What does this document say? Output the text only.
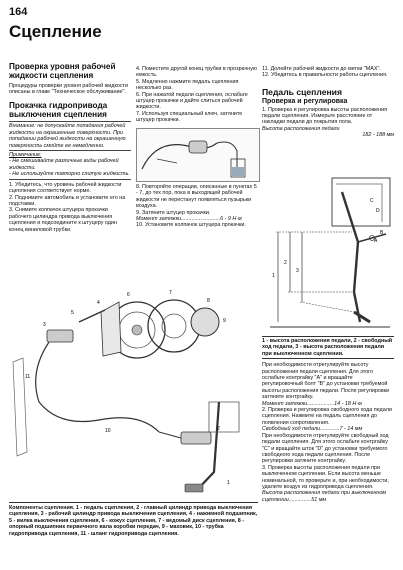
164
Сцепление
Проверка уровня рабочей жидкости сцепления
Процедуры проверки уровня рабочей жидкости описаны в главе "Техническое обслуживание".
Прокачка гидропривода выключения сцепления
Внимание: не допускайте попадания рабочей жидкости на окрашенные поверхности. При попадании рабочей жидкости на окрашенную поверхность смойте ее немедленно.
Примечание:
- Не смешивайте различные виды рабочей жидкости.
- Не используйте повторно слитую жидкость.
1. Убедитесь, что уровень рабочей жидкости сцепления соответствует норме.
2. Поднимите автомобиль и установите его на подставки.
3. Снимите колпачок штуцера прокачки рабочего цилиндра привода выключения сцепления и подсоедините к штуцеру один конец виниловой трубки.
4. Поместите другой конец трубки в прозрачную емкость.
5. Медленно нажмите педаль сцепления несколько раз.
6. При нажатой педали сцепления, ослабьте штуцер прокачки и дайте слиться рабочей жидкости.
7. Используя специальный ключ, затяните штуцер прокачки.
8. Повторяйте операции, описанные в пунктах 5 - 7, до тех пор, пока в выходящей рабочей жидкости не перестанут появляться пузырьки воздуха.
9. Затяните штуцер прокачки.
Момент затяжки..........................6 - 9 Н·м
10. Установите колпачок штуцера прокачки.
11. Долейте рабочей жидкости до метки "MAX".
12. Убедитесь в правильности работы сцепления.
Педаль сцепления
Проверка и регулировка
1. Проверка и регулировка высоты расположения педали сцепления. Измерьте расстояние от накладки педали до покрытия пола.
Высота расположения педали
182 - 188 мм
1
2
3
A
B
C
D
1 - высота расположения педали, 2 - свободный ход педали, 3 - высота расположения педали при выключенном сцеплении.
При необходимости отрегулируйте высоту расположения педали сцепления. Для этого ослабьте контргайку "A" и вращайте регулировочный болт "B" до установки требуемой высоты расположения педали. После регулировки затяните контргайку.
Момент затяжки..................14 - 18 Н·м
2. Проверка и регулировка свободного хода педали сцепления. Нажмите на педаль сцепления до появления сопротивления.
Свободный ход педали.............7 - 14 мм
При необходимости отрегулируйте свободный ход педали сцепления. Для этого ослабьте контргайку "C" и вращайте шток "D" до установки требуемого свободного хода педали сцепления. После регулировки затяните контргайку.
3. Проверка высоты расположения педали при выключенном сцеплении. Если высота меньше номинальной, то проверьте и, при необходимости, удалите воздух из гидропривода сцепления.
Высота расположения педали при выключенном сцеплении...............51 мм
1
2
3
4
5
6	7
8
9
10
11
Компоненты сцепления. 1 - педаль сцепления, 2 - главный цилиндр привода выключения сцепления, 3 - рабочий цилиндр привода выключения сцепления, 4 - нажимной подшипник, 5 - вилка выключения сцепления, 6 - кожух сцепления, 7 - ведомый диск сцепления, 8 - опорный подшипник первичного вала коробки передач, 9 - маховик, 10 - трубка гидропривода сцепления, 11 - шланг гидропривода сцепления.
